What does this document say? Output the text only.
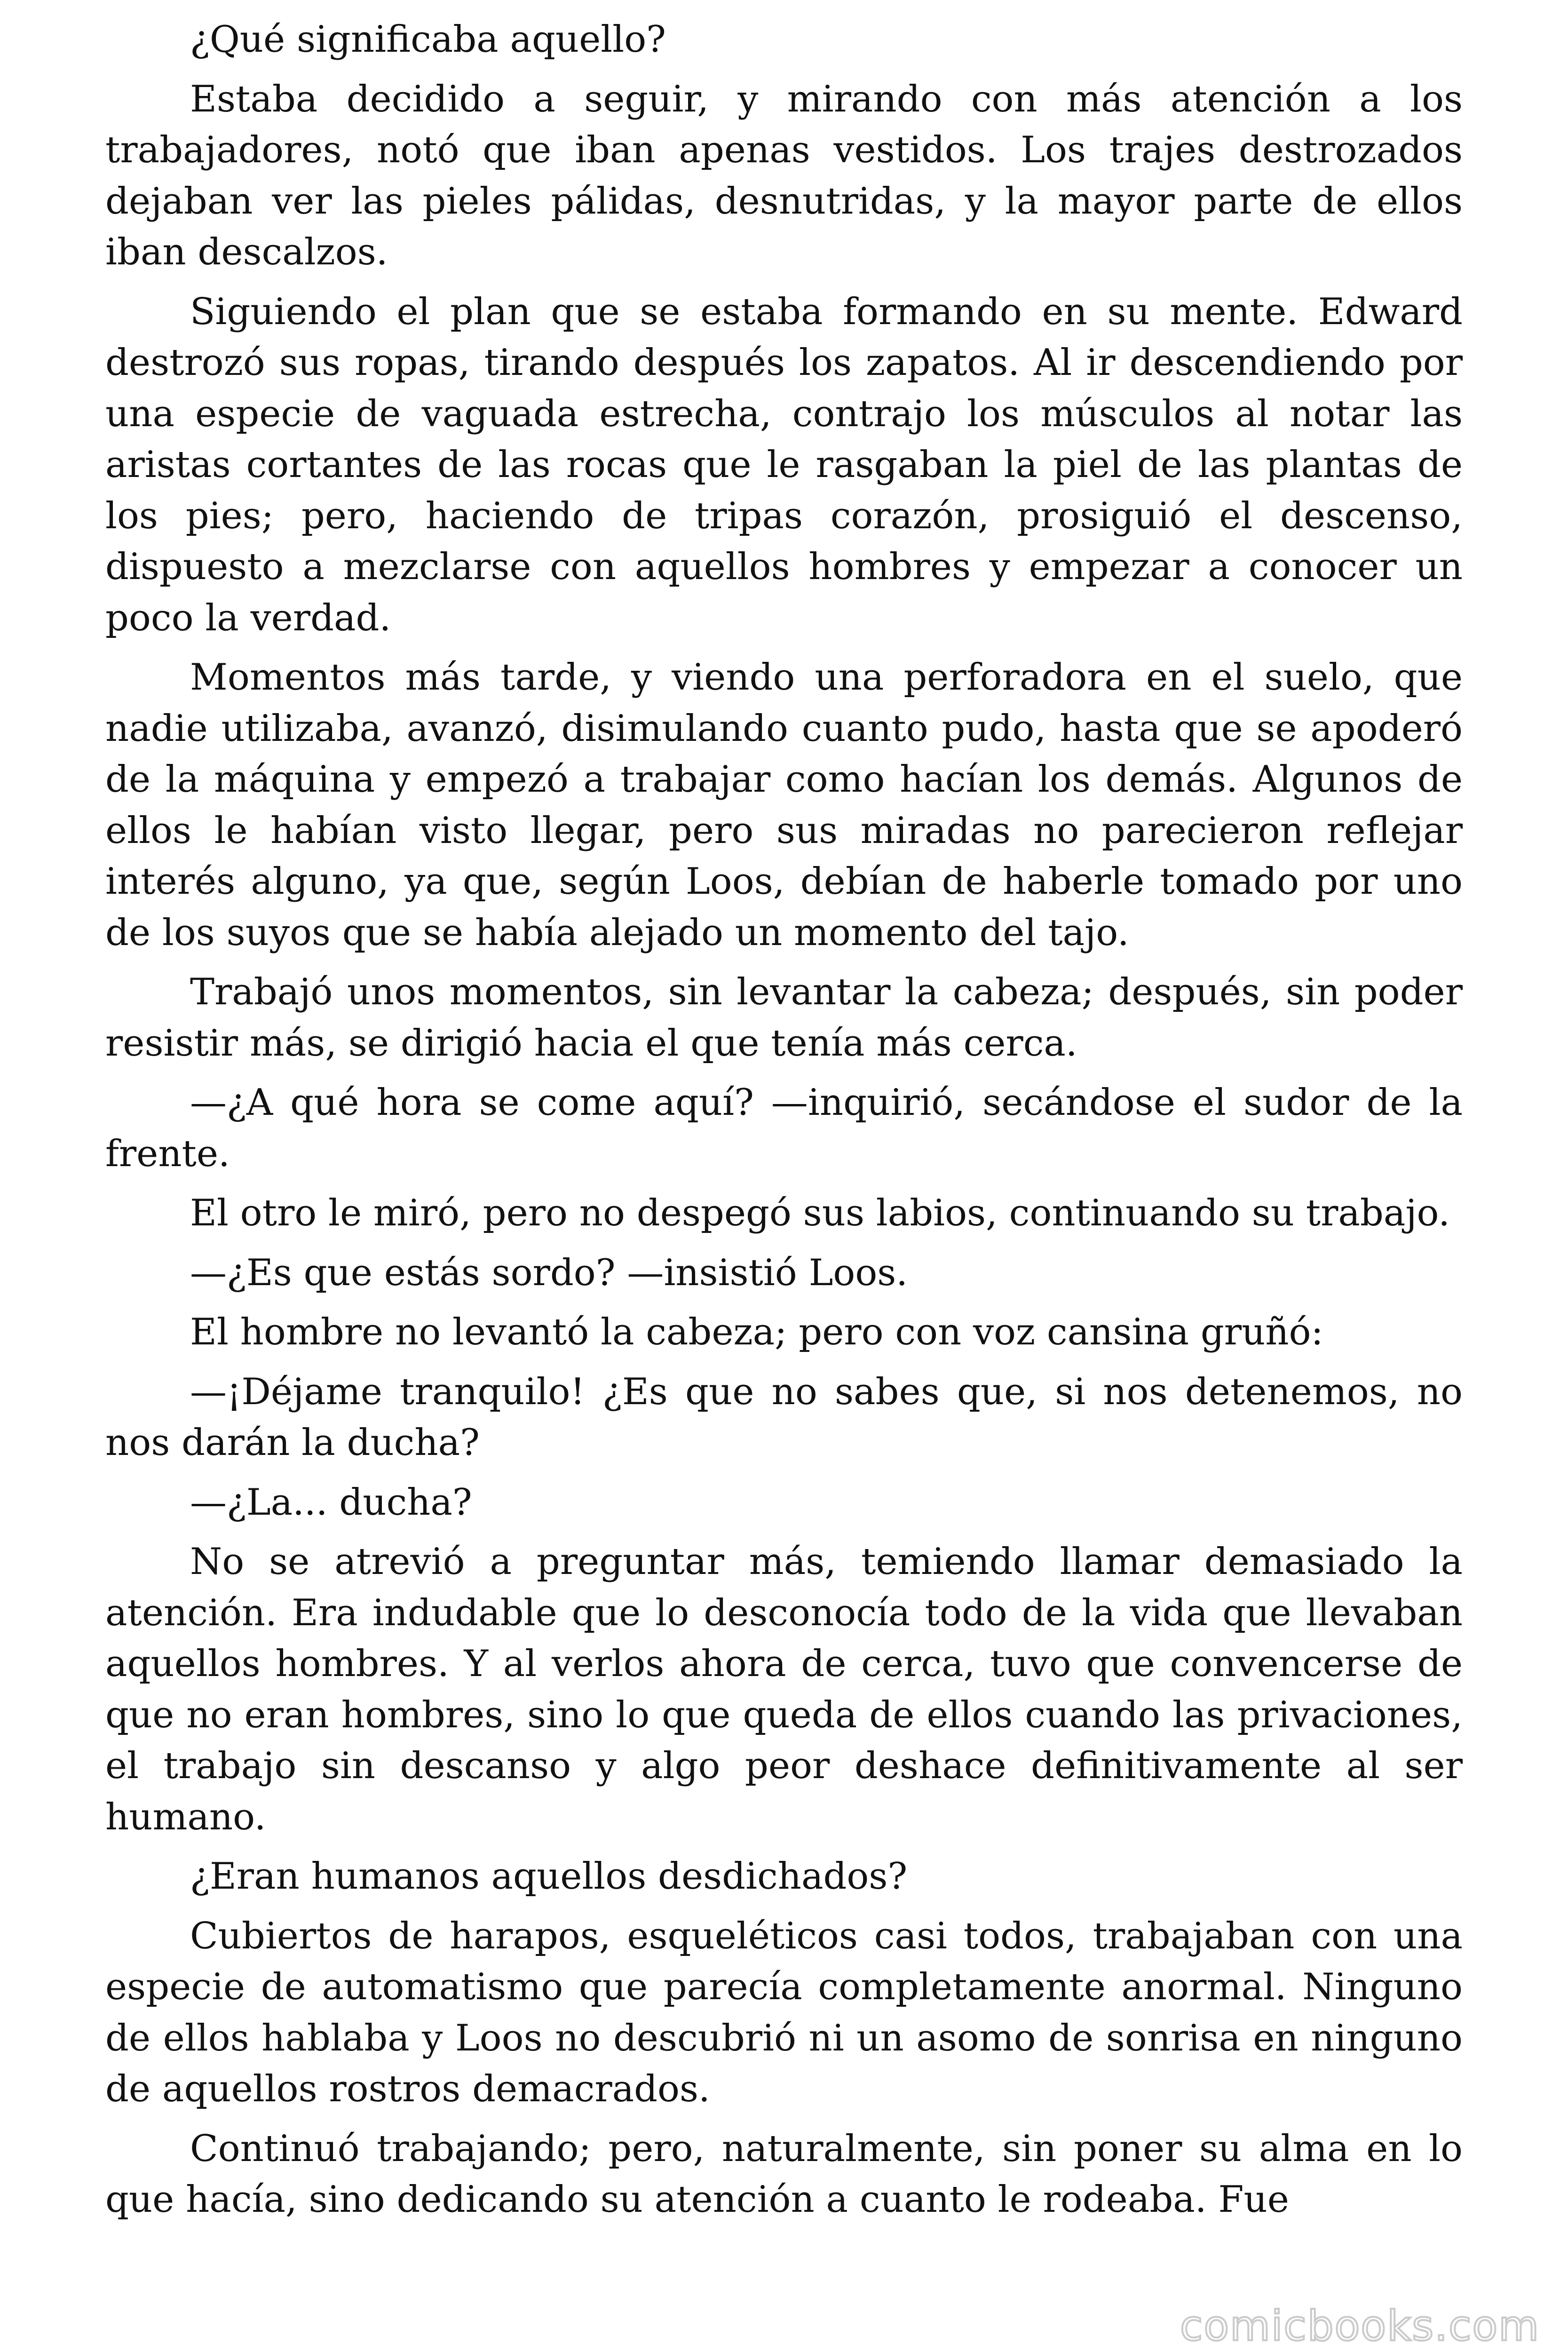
¿Qué significaba aquello?

Estaba decidido a seguir, y mirando con más atención a los trabajadores, notó que iban apenas vestidos. Los trajes destrozados dejaban ver las pieles pálidas, desnutridas, y la mayor parte de ellos iban descalzos.

Siguiendo el plan que se estaba formando en su mente. Edward destrozó sus ropas, tirando después los zapatos. Al ir descendiendo por una especie de vaguada estrecha, contrajo los músculos al notar las aristas cortantes de las rocas que le rasgaban la piel de las plantas de los pies; pero, haciendo de tripas corazón, prosiguió el descenso, dispuesto a mezclarse con aquellos hombres y empezar a conocer un poco la verdad.

Momentos más tarde, y viendo una perforadora en el suelo, que nadie utilizaba, avanzó, disimulando cuanto pudo, hasta que se apoderó de la máquina y empezó a trabajar como hacían los demás. Algunos de ellos le habían visto llegar, pero sus miradas no parecieron reflejar interés alguno, ya que, según Loos, debían de haberle tomado por uno de los suyos que se había alejado un momento del tajo.

Trabajó unos momentos, sin levantar la cabeza; después, sin poder resistir más, se dirigió hacia el que tenía más cerca.

—¿A qué hora se come aquí? —inquirió, secándose el sudor de la frente.

El otro le miró, pero no despegó sus labios, continuando su trabajo.

—¿Es que estás sordo? —insistió Loos.

El hombre no levantó la cabeza; pero con voz cansina gruñó:

—¡Déjame tranquilo! ¿Es que no sabes que, si nos detenemos, no nos darán la ducha?

—¿La... ducha?

No se atrevió a preguntar más, temiendo llamar demasiado la atención. Era indudable que lo desconocía todo de la vida que llevaban aquellos hombres. Y al verlos ahora de cerca, tuvo que convencerse de que no eran hombres, sino lo que queda de ellos cuando las privaciones, el trabajo sin descanso y algo peor deshace definitivamente al ser humano.

¿Eran humanos aquellos desdichados?

Cubiertos de harapos, esqueléticos casi todos, trabajaban con una especie de automatismo que parecía completamente anormal. Ninguno de ellos hablaba y Loos no descubrió ni un asomo de sonrisa en ninguno de aquellos rostros demacrados.

Continuó trabajando; pero, naturalmente, sin poner su alma en lo que hacía, sino dedicando su atención a cuanto le rodeaba. Fue

comicbooks.com
